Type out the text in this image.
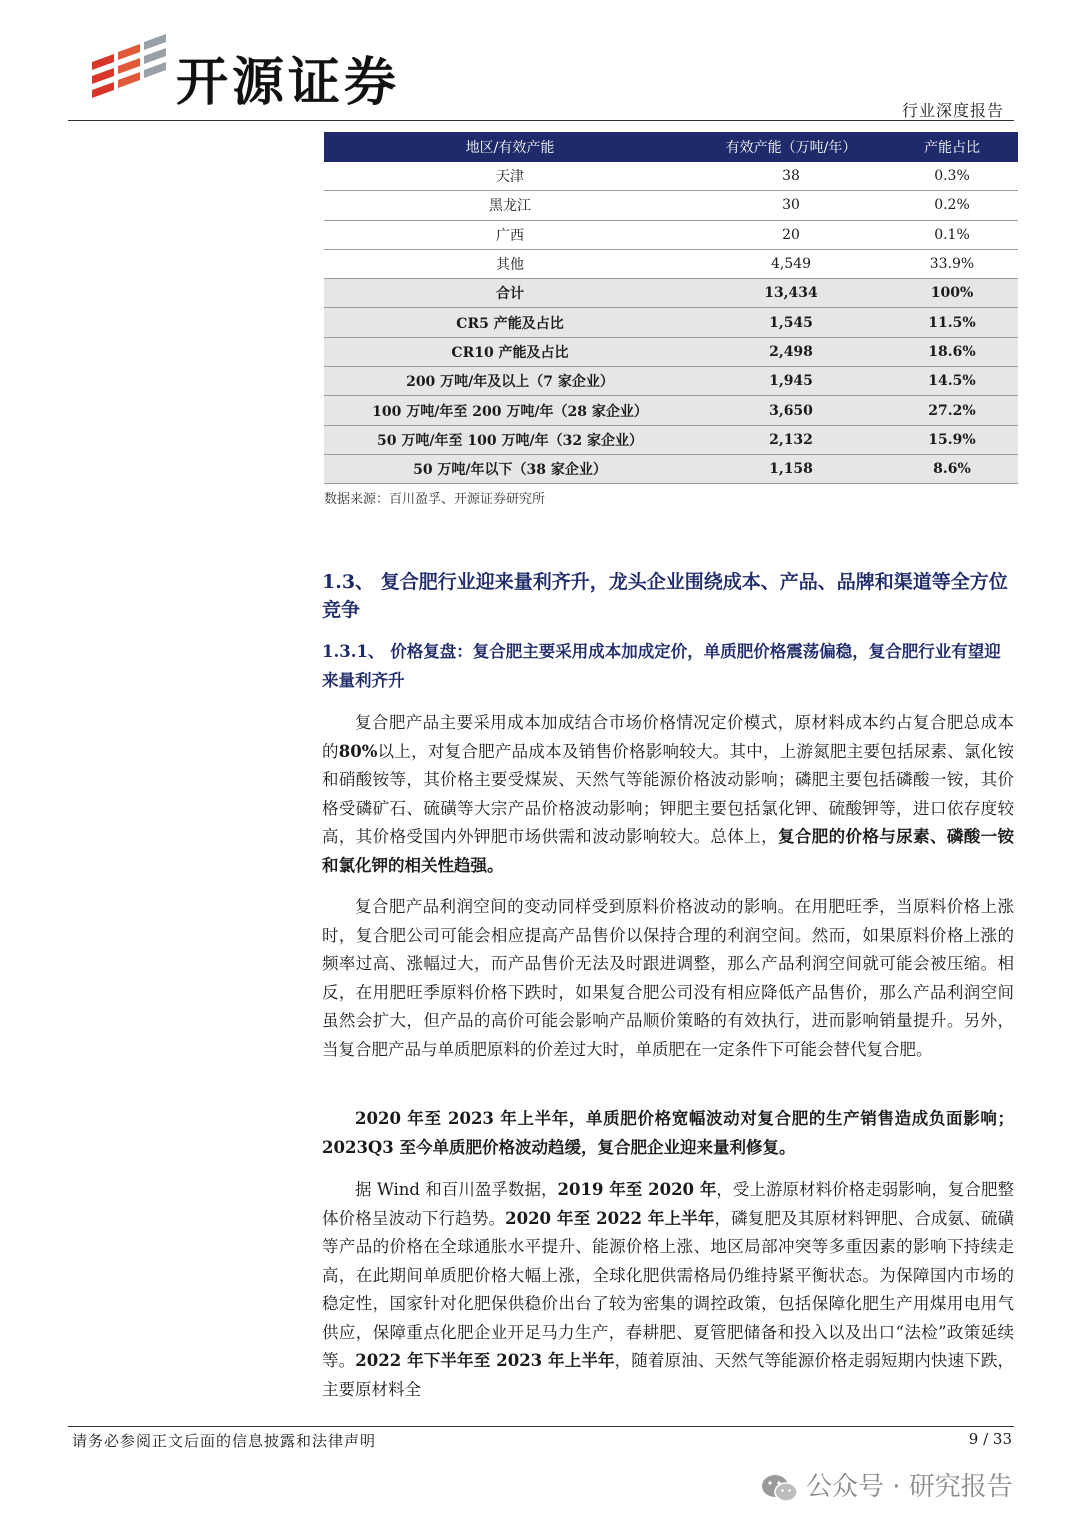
开源证券	行业深度报告
地区/有效产能	有效产能（万吨/年）	产能占比
天津	38	0.3%
黑龙江	30	0.2%
广西	20	0.1%
其他	4,549	33.9%
合计	13,434	100%
CR5 产能及占比	1,545	11.5%
CR10 产能及占比	2,498	18.6%
200 万吨/年及以上（7 家企业）	1,945	14.5%
100 万吨/年至 200 万吨/年（28 家企业）	3,650	27.2%
50 万吨/年至 100 万吨/年（32 家企业）	2,132	15.9%
50 万吨/年以下（38 家企业）	1,158	8.6%
数据来源：百川盈孚、开源证券研究所
1.3、 复合肥行业迎来量利齐升，龙头企业围绕成本、产品、品牌和渠道等全方位竞争
1.3.1、 价格复盘：复合肥主要采用成本加成定价，单质肥价格震荡偏稳，复合肥行业有望迎来量利齐升
复合肥产品主要采用成本加成结合市场价格情况定价模式，原材料成本约占复合肥总成本的80%以上，对复合肥产品成本及销售价格影响较大。其中，上游氮肥主要包括尿素、氯化铵和硝酸铵等，其价格主要受煤炭、天然气等能源价格波动影响；磷肥主要包括磷酸一铵，其价格受磷矿石、硫磺等大宗产品价格波动影响；钾肥主要包括氯化钾、硫酸钾等，进口依存度较高，其价格受国内外钾肥市场供需和波动影响较大。总体上，复合肥的价格与尿素、磷酸一铵和氯化钾的相关性趋强。
复合肥产品利润空间的变动同样受到原料价格波动的影响。在用肥旺季，当原料价格上涨时，复合肥公司可能会相应提高产品售价以保持合理的利润空间。然而，如果原料价格上涨的频率过高、涨幅过大，而产品售价无法及时跟进调整，那么产品利润空间就可能会被压缩。相反，在用肥旺季原料价格下跌时，如果复合肥公司没有相应降低产品售价，那么产品利润空间虽然会扩大，但产品的高价可能会影响产品顺价策略的有效执行，进而影响销量提升。另外，当复合肥产品与单质肥原料的价差过大时，单质肥在一定条件下可能会替代复合肥。
2020 年至 2023 年上半年，单质肥价格宽幅波动对复合肥的生产销售造成负面影响；2023Q3 至今单质肥价格波动趋缓，复合肥企业迎来量利修复。
据 Wind 和百川盈孚数据，2019 年至 2020 年，受上游原材料价格走弱影响，复合肥整体价格呈波动下行趋势。2020 年至 2022 年上半年，磷复肥及其原材料钾肥、合成氨、硫磺等产品的价格在全球通胀水平提升、能源价格上涨、地区局部冲突等多重因素的影响下持续走高，在此期间单质肥价格大幅上涨，全球化肥供需格局仍维持紧平衡状态。为保障国内市场的稳定性，国家针对化肥保供稳价出台了较为密集的调控政策，包括保障化肥生产用煤用电用气供应，保障重点化肥企业开足马力生产，春耕肥、夏管肥储备和投入以及出口“法检”政策延续等。2022 年下半年至 2023 年上半年，随着原油、天然气等能源价格走弱短期内快速下跌，主要原材料全
请务必参阅正文后面的信息披露和法律声明	9 / 33
公众号 · 研究报告
